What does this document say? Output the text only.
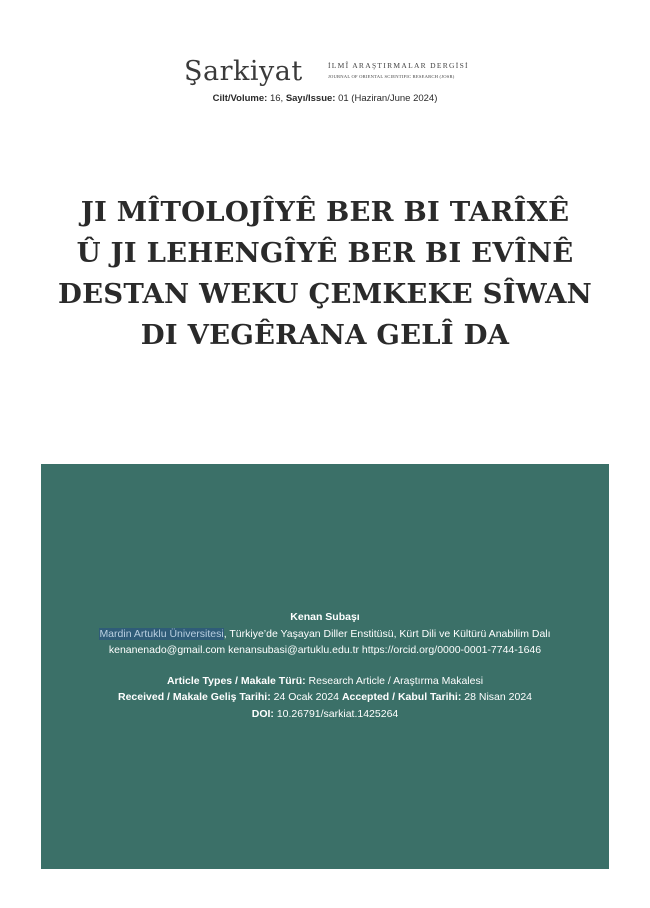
Şarkiyat	İLMÎ ARAŞTIRMALAR DERGİSİ
JOURNAL OF ORIENTAL SCIENTIFIC RESEARCH (JOSR)
Cilt/Volume: 16, Sayı/Issue: 01 (Haziran/June 2024)
JI MÎTOLOJÎYÊ BER BI TARÎXÊ
Û JI LEHENGÎYÊ BER BI EVÎNÊ
DESTAN WEKU ÇEMKEKE SÎWAN
DI VEGÊRANA GELÎ DA
Kenan Subaşı
Mardin Artuklu Üniversitesi, Türkiye’de Yaşayan Diller Enstitüsü, Kürt Dili ve Kültürü Anabilim Dalı
kenanenado@gmail.com kenansubasi@artuklu.edu.tr https://orcid.org/0000-0001-7744-1646
Article Types / Makale Türü: Research Article / Araştırma Makalesi
Received / Makale Geliş Tarihi: 24 Ocak 2024 Accepted / Kabul Tarihi: 28 Nisan 2024
DOI: 10.26791/sarkiat.1425264
